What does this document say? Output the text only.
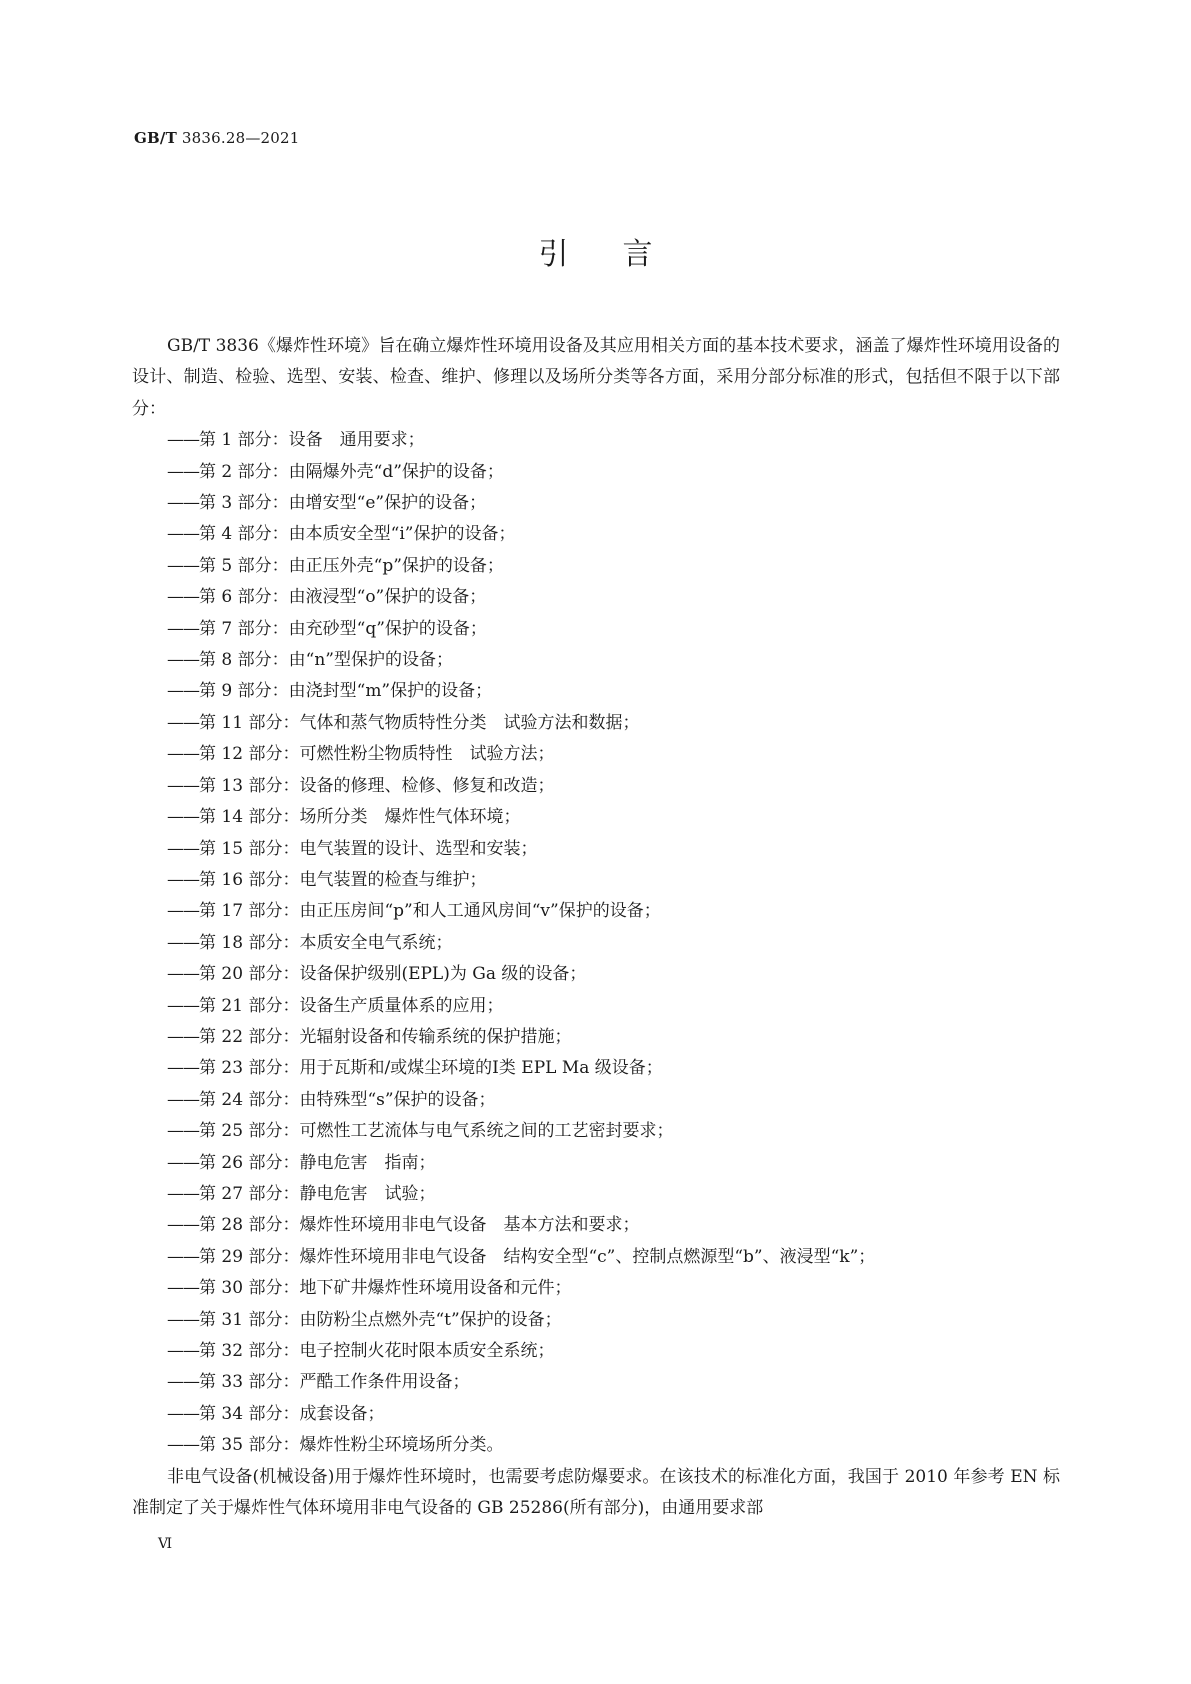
GB/T 3836.28—2021
引言

GB/T 3836《爆炸性环境》旨在确立爆炸性环境用设备及其应用相关方面的基本技术要求，涵盖了爆炸性环境用设备的设计、制造、检验、选型、安装、检查、维护、修理以及场所分类等各方面，采用分部分标准的形式，包括但不限于以下部分：

——第 1 部分：设备　通用要求；
——第 2 部分：由隔爆外壳“d”保护的设备；
——第 3 部分：由增安型“e”保护的设备；
——第 4 部分：由本质安全型“i”保护的设备；
——第 5 部分：由正压外壳“p”保护的设备；
——第 6 部分：由液浸型“o”保护的设备；
——第 7 部分：由充砂型“q”保护的设备；
——第 8 部分：由“n”型保护的设备；
——第 9 部分：由浇封型“m”保护的设备；
——第 11 部分：气体和蒸气物质特性分类　试验方法和数据；
——第 12 部分：可燃性粉尘物质特性　试验方法；
——第 13 部分：设备的修理、检修、修复和改造；
——第 14 部分：场所分类　爆炸性气体环境；
——第 15 部分：电气装置的设计、选型和安装；
——第 16 部分：电气装置的检查与维护；
——第 17 部分：由正压房间“p”和人工通风房间“v”保护的设备；
——第 18 部分：本质安全电气系统；
——第 20 部分：设备保护级别(EPL)为 Ga 级的设备；
——第 21 部分：设备生产质量体系的应用；
——第 22 部分：光辐射设备和传输系统的保护措施；
——第 23 部分：用于瓦斯和/或煤尘环境的Ⅰ类 EPL Ma 级设备；
——第 24 部分：由特殊型“s”保护的设备；
——第 25 部分：可燃性工艺流体与电气系统之间的工艺密封要求；
——第 26 部分：静电危害　指南；
——第 27 部分：静电危害　试验；
——第 28 部分：爆炸性环境用非电气设备　基本方法和要求；
——第 29 部分：爆炸性环境用非电气设备　结构安全型“c”、控制点燃源型“b”、液浸型“k”；
——第 30 部分：地下矿井爆炸性环境用设备和元件；
——第 31 部分：由防粉尘点燃外壳“t”保护的设备；
——第 32 部分：电子控制火花时限本质安全系统；
——第 33 部分：严酷工作条件用设备；
——第 34 部分：成套设备；
——第 35 部分：爆炸性粉尘环境场所分类。

非电气设备(机械设备)用于爆炸性环境时，也需要考虑防爆要求。在该技术的标准化方面，我国于 2010 年参考 EN 标准制定了关于爆炸性气体环境用非电气设备的 GB 25286(所有部分)，由通用要求部

Ⅵ
